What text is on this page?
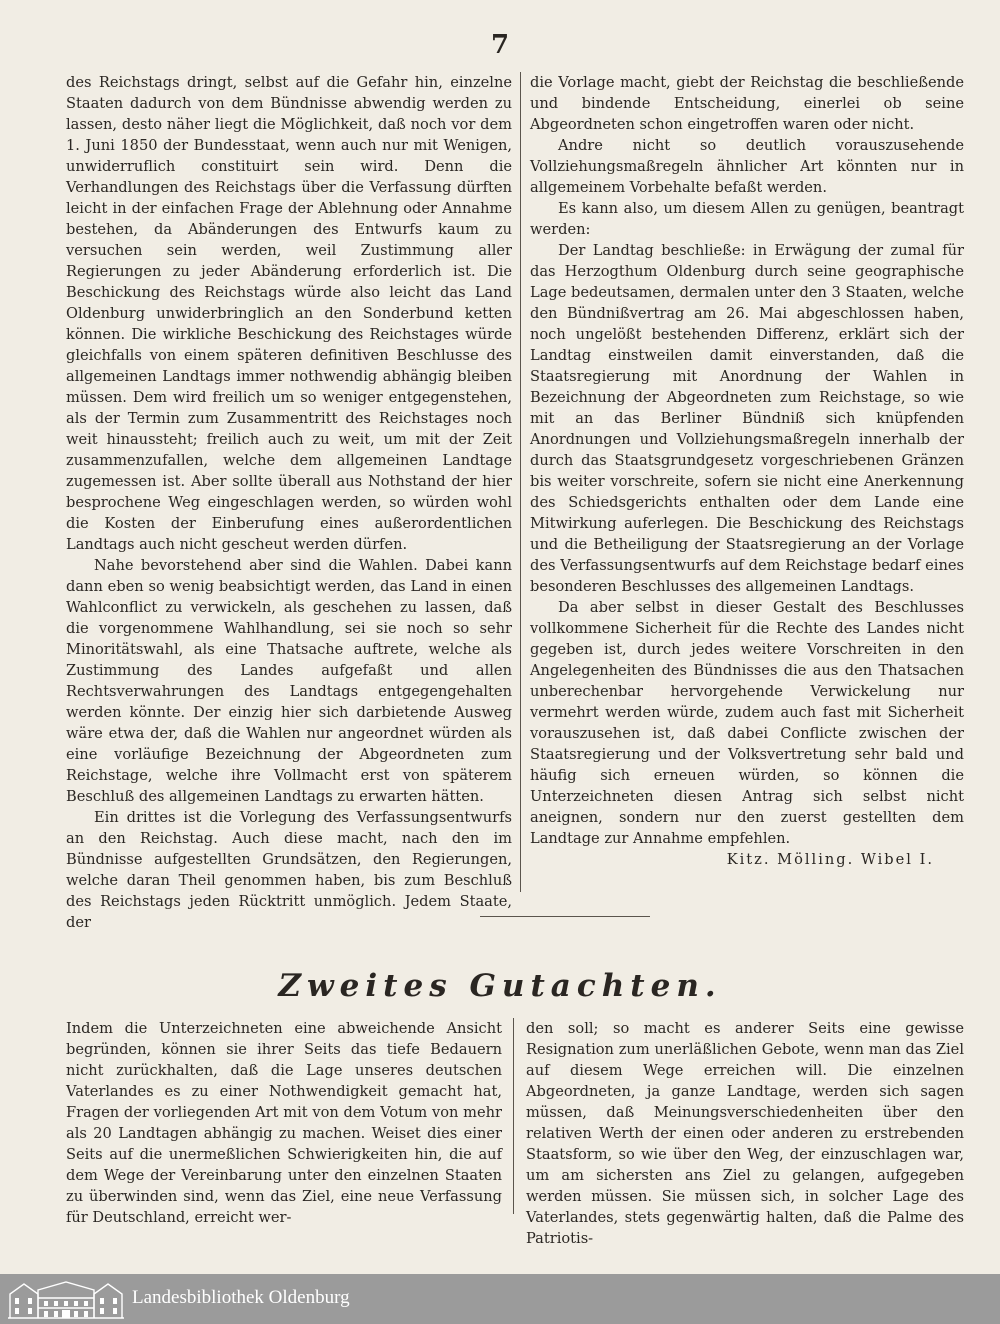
7

des Reichstags dringt, selbst auf die Gefahr hin, einzelne Staaten dadurch von dem Bündnisse abwendig werden zu lassen, desto näher liegt die Möglichkeit, daß noch vor dem 1. Juni 1850 der Bundesstaat, wenn auch nur mit Wenigen, unwiderruflich constituirt sein wird. Denn die Verhandlungen des Reichstags über die Verfassung dürften leicht in der einfachen Frage der Ablehnung oder Annahme bestehen, da Abänderungen des Entwurfs kaum zu versuchen sein werden, weil Zustimmung aller Regierungen zu jeder Abänderung erforderlich ist. Die Beschickung des Reichstags würde also leicht das Land Oldenburg unwiderbringlich an den Sonderbund ketten können. Die wirkliche Beschickung des Reichstages würde gleichfalls von einem späteren definitiven Beschlusse des allgemeinen Landtags immer nothwendig abhängig bleiben müssen. Dem wird freilich um so weniger entgegenstehen, als der Termin zum Zusammentritt des Reichstages noch weit hinaussteht; freilich auch zu weit, um mit der Zeit zusammenzufallen, welche dem allgemeinen Landtage zugemessen ist. Aber sollte überall aus Nothstand der hier besprochene Weg eingeschlagen werden, so würden wohl die Kosten der Einberufung eines außerordentlichen Landtags auch nicht gescheut werden dürfen.

Nahe bevorstehend aber sind die Wahlen. Dabei kann dann eben so wenig beabsichtigt werden, das Land in einen Wahlconflict zu verwickeln, als geschehen zu lassen, daß die vorgenommene Wahlhandlung, sei sie noch so sehr Minoritätswahl, als eine Thatsache auftrete, welche als Zustimmung des Landes aufgefaßt und allen Rechtsverwahrungen des Landtags entgegengehalten werden könnte. Der einzig hier sich darbietende Ausweg wäre etwa der, daß die Wahlen nur angeordnet würden als eine vorläufige Bezeichnung der Abgeordneten zum Reichstage, welche ihre Vollmacht erst von späterem Beschluß des allgemeinen Landtags zu erwarten hätten.

Ein drittes ist die Vorlegung des Verfassungsentwurfs an den Reichstag. Auch diese macht, nach den im Bündnisse aufgestellten Grundsätzen, den Regierungen, welche daran Theil genommen haben, bis zum Beschluß des Reichstags jeden Rücktritt unmöglich. Jedem Staate, der

die Vorlage macht, giebt der Reichstag die beschließende und bindende Entscheidung, einerlei ob seine Abgeordneten schon eingetroffen waren oder nicht.

Andre nicht so deutlich vorauszusehende Vollziehungsmaßregeln ähnlicher Art könnten nur in allgemeinem Vorbehalte befaßt werden.

Es kann also, um diesem Allen zu genügen, beantragt werden:

Der Landtag beschließe: in Erwägung der zumal für das Herzogthum Oldenburg durch seine geographische Lage bedeutsamen, dermalen unter den 3 Staaten, welche den Bündnißvertrag am 26. Mai abgeschlossen haben, noch ungelößt bestehenden Differenz, erklärt sich der Landtag einstweilen damit einverstanden, daß die Staatsregierung mit Anordnung der Wahlen in Bezeichnung der Abgeordneten zum Reichstage, so wie mit an das Berliner Bündniß sich knüpfenden Anordnungen und Vollziehungsmaßregeln innerhalb der durch das Staatsgrundgesetz vorgeschriebenen Gränzen bis weiter vorschreite, sofern sie nicht eine Anerkennung des Schiedsgerichts enthalten oder dem Lande eine Mitwirkung auferlegen. Die Beschickung des Reichstags und die Betheiligung der Staatsregierung an der Vorlage des Verfassungsentwurfs auf dem Reichstage bedarf eines besonderen Beschlusses des allgemeinen Landtags.

Da aber selbst in dieser Gestalt des Beschlusses vollkommene Sicherheit für die Rechte des Landes nicht gegeben ist, durch jedes weitere Vorschreiten in den Angelegenheiten des Bündnisses die aus den Thatsachen unberechenbar hervorgehende Verwickelung nur vermehrt werden würde, zudem auch fast mit Sicherheit vorauszusehen ist, daß dabei Conflicte zwischen der Staatsregierung und der Volksvertretung sehr bald und häufig sich erneuen würden, so können die Unterzeichneten diesen Antrag sich selbst nicht aneignen, sondern nur den zuerst gestellten dem Landtage zur Annahme empfehlen.

Kitz. Mölling. Wibel I.

Zweites Gutachten.

Indem die Unterzeichneten eine abweichende Ansicht begründen, können sie ihrer Seits das tiefe Bedauern nicht zurückhalten, daß die Lage unseres deutschen Vaterlandes es zu einer Nothwendigkeit gemacht hat, Fragen der vorliegenden Art mit von dem Votum von mehr als 20 Landtagen abhängig zu machen. Weiset dies einer Seits auf die unermeßlichen Schwierigkeiten hin, die auf dem Wege der Vereinbarung unter den einzelnen Staaten zu überwinden sind, wenn das Ziel, eine neue Verfassung für Deutschland, erreicht wer-

den soll; so macht es anderer Seits eine gewisse Resignation zum unerläßlichen Gebote, wenn man das Ziel auf diesem Wege erreichen will. Die einzelnen Abgeordneten, ja ganze Landtage, werden sich sagen müssen, daß Meinungsverschiedenheiten über den relativen Werth der einen oder anderen zu erstrebenden Staatsform, so wie über den Weg, der einzuschlagen war, um am sichersten ans Ziel zu gelangen, aufgegeben werden müssen. Sie müssen sich, in solcher Lage des Vaterlandes, stets gegenwärtig halten, daß die Palme des Patriotis-

Landesbibliothek Oldenburg
